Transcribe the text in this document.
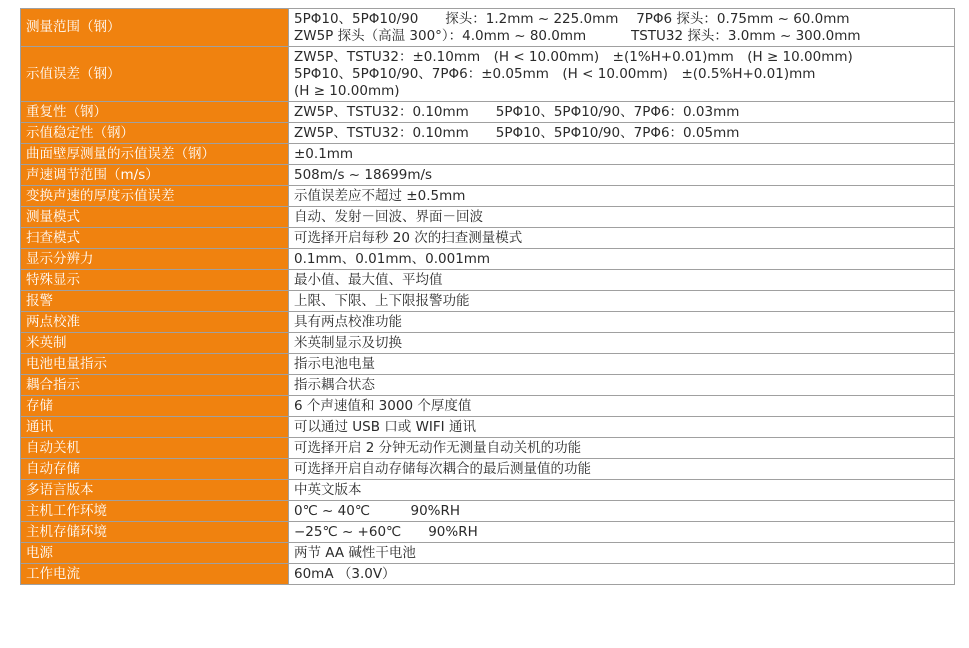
测量范围（钢）	5PΦ10、5PΦ10/90　　探头：1.2mm ~ 225.0mm　 7PΦ6 探头：0.75mm ~ 60.0mm
ZW5P 探头（高温 300°）：4.0mm ~ 80.0mm　　　 TSTU32 探头：3.0mm ~ 300.0mm

示值误差（钢）	ZW5P、TSTU32：±0.10mm　(H < 10.00mm)　±(1%H+0.01)mm　(H ≥ 10.00mm)
5PΦ10、5PΦ10/90、7PΦ6：±0.05mm　(H < 10.00mm)　±(0.5%H+0.01)mm
(H ≥ 10.00mm)

重复性（钢）	ZW5P、TSTU32：0.10mm　　5PΦ10、5PΦ10/90、7PΦ6：0.03mm

示值稳定性（钢）	ZW5P、TSTU32：0.10mm　　5PΦ10、5PΦ10/90、7PΦ6：0.05mm

曲面壁厚测量的示值误差（钢）	±0.1mm

声速调节范围（m/s）	508m/s ~ 18699m/s

变换声速的厚度示值误差	示值误差应不超过 ±0.5mm

测量模式	自动、发射－回波、界面－回波

扫查模式	可选择开启每秒 20 次的扫查测量模式

显示分辨力	0.1mm、0.01mm、0.001mm

特殊显示	最小值、最大值、平均值

报警	上限、下限、上下限报警功能

两点校准	具有两点校准功能

米英制	米英制显示及切换

电池电量指示	指示电池电量

耦合指示	指示耦合状态

存储	6 个声速值和 3000 个厚度值

通讯	可以通过 USB 口或 WIFI 通讯

自动关机	可选择开启 2 分钟无动作无测量自动关机的功能

自动存储	可选择开启自动存储每次耦合的最后测量值的功能

多语言版本	中英文版本

主机工作环境	0℃ ~ 40℃　　　90%RH

主机存储环境	−25℃ ~ +60℃　　90%RH

电源	两节 AA 碱性干电池

工作电流	60mA （3.0V）
